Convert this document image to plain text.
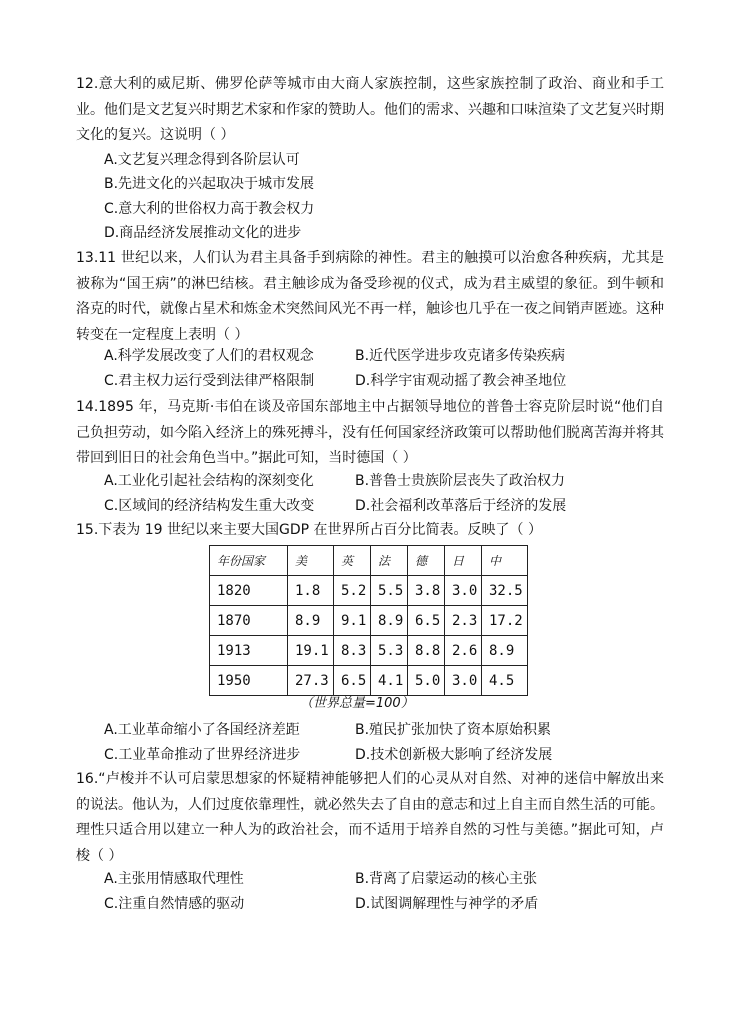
12.意大利的威尼斯、佛罗伦萨等城市由大商人家族控制，这些家族控制了政治、商业和手工业。他们是文艺复兴时期艺术家和作家的赞助人。他们的需求、兴趣和口味渲染了文艺复兴时期文化的复兴。这说明（ ）

A.文艺复兴理念得到各阶层认可

B.先进文化的兴起取决于城市发展

C.意大利的世俗权力高于教会权力

D.商品经济发展推动文化的进步

13.11 世纪以来，人们认为君主具备手到病除的神性。君主的触摸可以治愈各种疾病，尤其是被称为“国王病”的淋巴结核。君主触诊成为备受珍视的仪式，成为君主威望的象征。到牛顿和洛克的时代，就像占星术和炼金术突然间风光不再一样，触诊也几乎在一夜之间销声匿迹。这种转变在一定程度上表明（ ）

A.科学发展改变了人们的君权观念	B.近代医学进步攻克诸多传染疾病

C.君主权力运行受到法律严格限制	D.科学宇宙观动摇了教会神圣地位

14.1895 年，马克斯·韦伯在谈及帝国东部地主中占据领导地位的普鲁士容克阶层时说“他们自己负担劳动，如今陷入经济上的殊死搏斗，没有任何国家经济政策可以帮助他们脱离苦海并将其带回到旧日的社会角色当中。”据此可知，当时德国（ ）

A.工业化引起社会结构的深刻变化	B.普鲁士贵族阶层丧失了政治权力

C.区域间的经济结构发生重大改变	D.社会福利改革落后于经济的发展

15.下表为 19 世纪以来主要大国GDP 在世界所占百分比简表。反映了（ ）

年份国家	美	英	法	德	日	中
1820	1.8	5.2	5.5	3.8	3.0	32.5
1870	8.9	9.1	8.9	6.5	2.3	17.2
1913	19.1	8.3	5.3	8.8	2.6	8.9
1950	27.3	6.5	4.1	5.0	3.0	4.5
（世界总量=100）

A.工业革命缩小了各国经济差距	B.殖民扩张加快了资本原始积累

C.工业革命推动了世界经济进步	D.技术创新极大影响了经济发展

16.“卢梭并不认可启蒙思想家的怀疑精神能够把人们的心灵从对自然、对神的迷信中解放出来的说法。他认为，人们过度依靠理性，就必然失去了自由的意志和过上自主而自然生活的可能。理性只适合用以建立一种人为的政治社会，而不适用于培养自然的习性与美德。”据此可知，卢梭（ ）

A.主张用情感取代理性	B.背离了启蒙运动的核心主张

C.注重自然情感的驱动	D.试图调解理性与神学的矛盾
